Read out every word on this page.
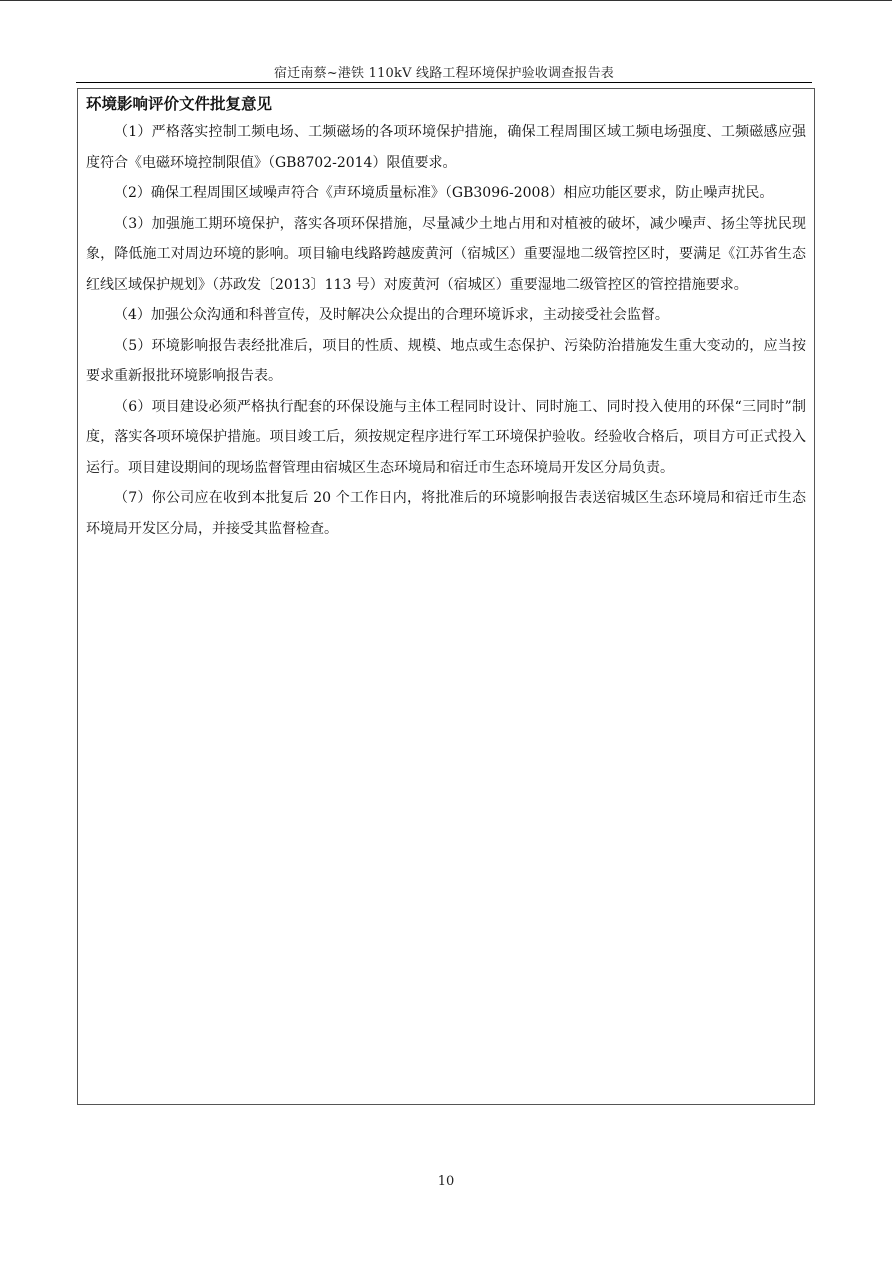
宿迁南蔡~港铁 110kV 线路工程环境保护验收调查报告表
环境影响评价文件批复意见

（1）严格落实控制工频电场、工频磁场的各项环境保护措施，确保工程周围区域工频电场强度、工频磁感应强度符合《电磁环境控制限值》（GB8702-2014）限值要求。

（2）确保工程周围区域噪声符合《声环境质量标准》（GB3096-2008）相应功能区要求，防止噪声扰民。

（3）加强施工期环境保护，落实各项环保措施，尽量减少土地占用和对植被的破坏，减少噪声、扬尘等扰民现象，降低施工对周边环境的影响。项目输电线路跨越废黄河（宿城区）重要湿地二级管控区时，要满足《江苏省生态红线区域保护规划》（苏政发〔2013〕113 号）对废黄河（宿城区）重要湿地二级管控区的管控措施要求。

（4）加强公众沟通和科普宣传，及时解决公众提出的合理环境诉求，主动接受社会监督。

（5）环境影响报告表经批准后，项目的性质、规模、地点或生态保护、污染防治措施发生重大变动的，应当按要求重新报批环境影响报告表。

（6）项目建设必须严格执行配套的环保设施与主体工程同时设计、同时施工、同时投入使用的环保“三同时”制度，落实各项环境保护措施。项目竣工后，须按规定程序进行军工环境保护验收。经验收合格后，项目方可正式投入运行。项目建设期间的现场监督管理由宿城区生态环境局和宿迁市生态环境局开发区分局负责。

（7）你公司应在收到本批复后 20 个工作日内，将批准后的环境影响报告表送宿城区生态环境局和宿迁市生态环境局开发区分局，并接受其监督检查。

10
